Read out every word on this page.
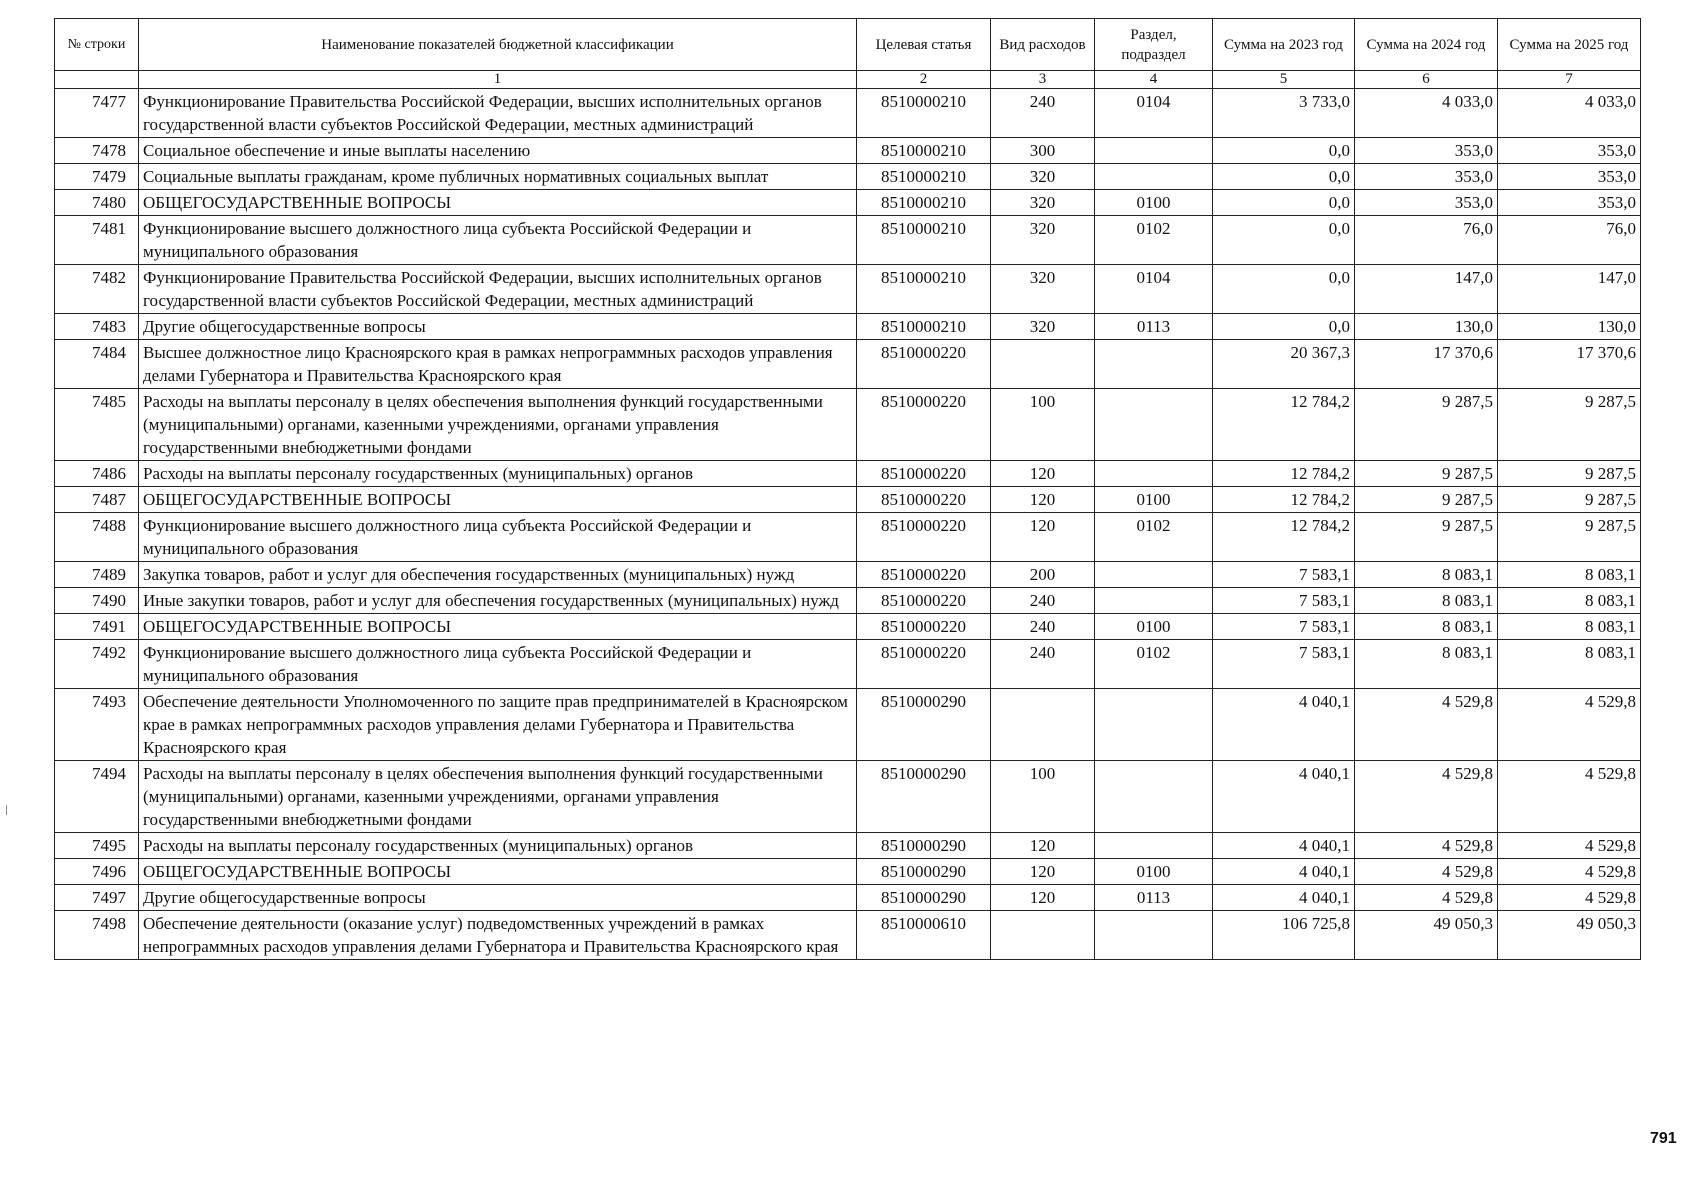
№ строки	Наименование показателей бюджетной классификации	Целевая статья	Вид расходов	Раздел, подраздел	Сумма на 2023 год	Сумма на 2024 год	Сумма на 2025 год
	1	2	3	4	5	6	7
7477	Функционирование Правительства Российской Федерации, высших исполнительных органов государственной власти субъектов Российской Федерации, местных администраций	8510000210	240	0104	3 733,0	4 033,0	4 033,0
7478	Социальное обеспечение и иные выплаты населению	8510000210	300		0,0	353,0	353,0
7479	Социальные выплаты гражданам, кроме публичных нормативных социальных выплат	8510000210	320		0,0	353,0	353,0
7480	ОБЩЕГОСУДАРСТВЕННЫЕ ВОПРОСЫ	8510000210	320	0100	0,0	353,0	353,0
7481	Функционирование высшего должностного лица субъекта Российской Федерации и муниципального образования	8510000210	320	0102	0,0	76,0	76,0
7482	Функционирование Правительства Российской Федерации, высших исполнительных органов государственной власти субъектов Российской Федерации, местных администраций	8510000210	320	0104	0,0	147,0	147,0
7483	Другие общегосударственные вопросы	8510000210	320	0113	0,0	130,0	130,0
7484	Высшее должностное лицо Красноярского края в рамках непрограммных расходов управления делами Губернатора и Правительства Красноярского края	8510000220			20 367,3	17 370,6	17 370,6
7485	Расходы на выплаты персоналу в целях обеспечения выполнения функций государственными (муниципальными) органами, казенными учреждениями, органами управления государственными внебюджетными фондами	8510000220	100		12 784,2	9 287,5	9 287,5
7486	Расходы на выплаты персоналу государственных (муниципальных) органов	8510000220	120		12 784,2	9 287,5	9 287,5
7487	ОБЩЕГОСУДАРСТВЕННЫЕ ВОПРОСЫ	8510000220	120	0100	12 784,2	9 287,5	9 287,5
7488	Функционирование высшего должностного лица субъекта Российской Федерации и муниципального образования	8510000220	120	0102	12 784,2	9 287,5	9 287,5
7489	Закупка товаров, работ и услуг для обеспечения государственных (муниципальных) нужд	8510000220	200		7 583,1	8 083,1	8 083,1
7490	Иные закупки товаров, работ и услуг для обеспечения государственных (муниципальных) нужд	8510000220	240		7 583,1	8 083,1	8 083,1
7491	ОБЩЕГОСУДАРСТВЕННЫЕ ВОПРОСЫ	8510000220	240	0100	7 583,1	8 083,1	8 083,1
7492	Функционирование высшего должностного лица субъекта Российской Федерации и муниципального образования	8510000220	240	0102	7 583,1	8 083,1	8 083,1
7493	Обеспечение деятельности Уполномоченного по защите прав предпринимателей в Красноярском крае в рамках непрограммных расходов управления делами Губернатора и Правительства Красноярского края	8510000290			4 040,1	4 529,8	4 529,8
7494	Расходы на выплаты персоналу в целях обеспечения выполнения функций государственными (муниципальными) органами, казенными учреждениями, органами управления государственными внебюджетными фондами	8510000290	100		4 040,1	4 529,8	4 529,8
7495	Расходы на выплаты персоналу государственных (муниципальных) органов	8510000290	120		4 040,1	4 529,8	4 529,8
7496	ОБЩЕГОСУДАРСТВЕННЫЕ ВОПРОСЫ	8510000290	120	0100	4 040,1	4 529,8	4 529,8
7497	Другие общегосударственные вопросы	8510000290	120	0113	4 040,1	4 529,8	4 529,8
7498	Обеспечение деятельности (оказание услуг) подведомственных учреждений в рамках непрограммных расходов управления делами Губернатора и Правительства Красноярского края	8510000610			106 725,8	49 050,3	49 050,3
791
